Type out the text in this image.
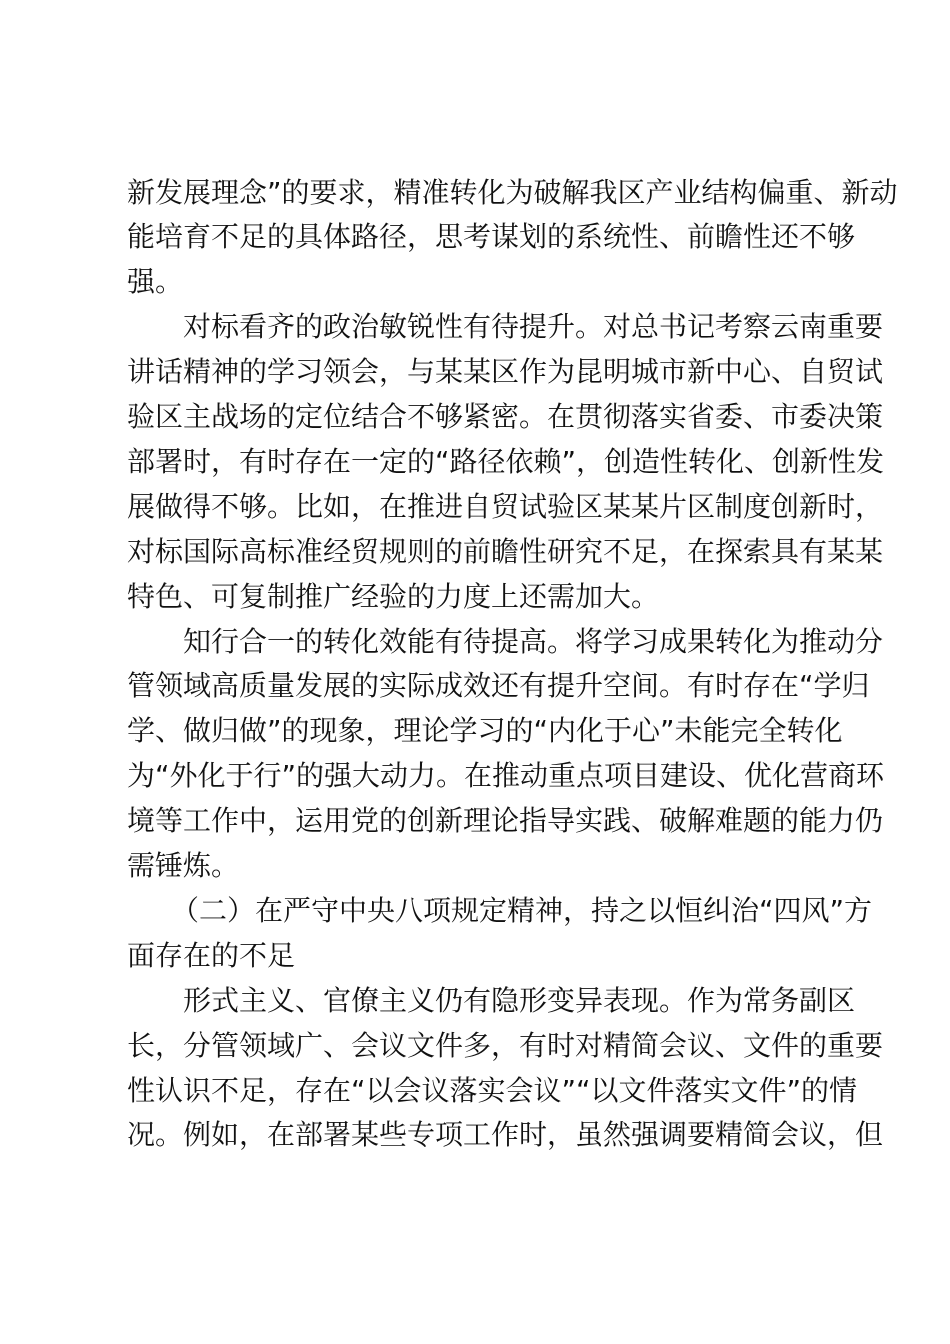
新发展理念”的要求，精准转化为破解我区产业结构偏重、新动
能培育不足的具体路径，思考谋划的系统性、前瞻性还不够
强。
对标看齐的政治敏锐性有待提升。对总书记考察云南重要
讲话精神的学习领会，与某某区作为昆明城市新中心、自贸试
验区主战场的定位结合不够紧密。在贯彻落实省委、市委决策
部署时，有时存在一定的“路径依赖”，创造性转化、创新性发
展做得不够。比如，在推进自贸试验区某某片区制度创新时，
对标国际高标准经贸规则的前瞻性研究不足，在探索具有某某
特色、可复制推广经验的力度上还需加大。
知行合一的转化效能有待提高。将学习成果转化为推动分
管领域高质量发展的实际成效还有提升空间。有时存在“学归
学、做归做”的现象，理论学习的“内化于心”未能完全转化
为“外化于行”的强大动力。在推动重点项目建设、优化营商环
境等工作中，运用党的创新理论指导实践、破解难题的能力仍
需锤炼。
（二）在严守中央八项规定精神，持之以恒纠治“四风”方
面存在的不足
形式主义、官僚主义仍有隐形变异表现。作为常务副区
长，分管领域广、会议文件多，有时对精简会议、文件的重要
性认识不足，存在“以会议落实会议”“以文件落实文件”的情
况。例如，在部署某些专项工作时，虽然强调要精简会议，但
